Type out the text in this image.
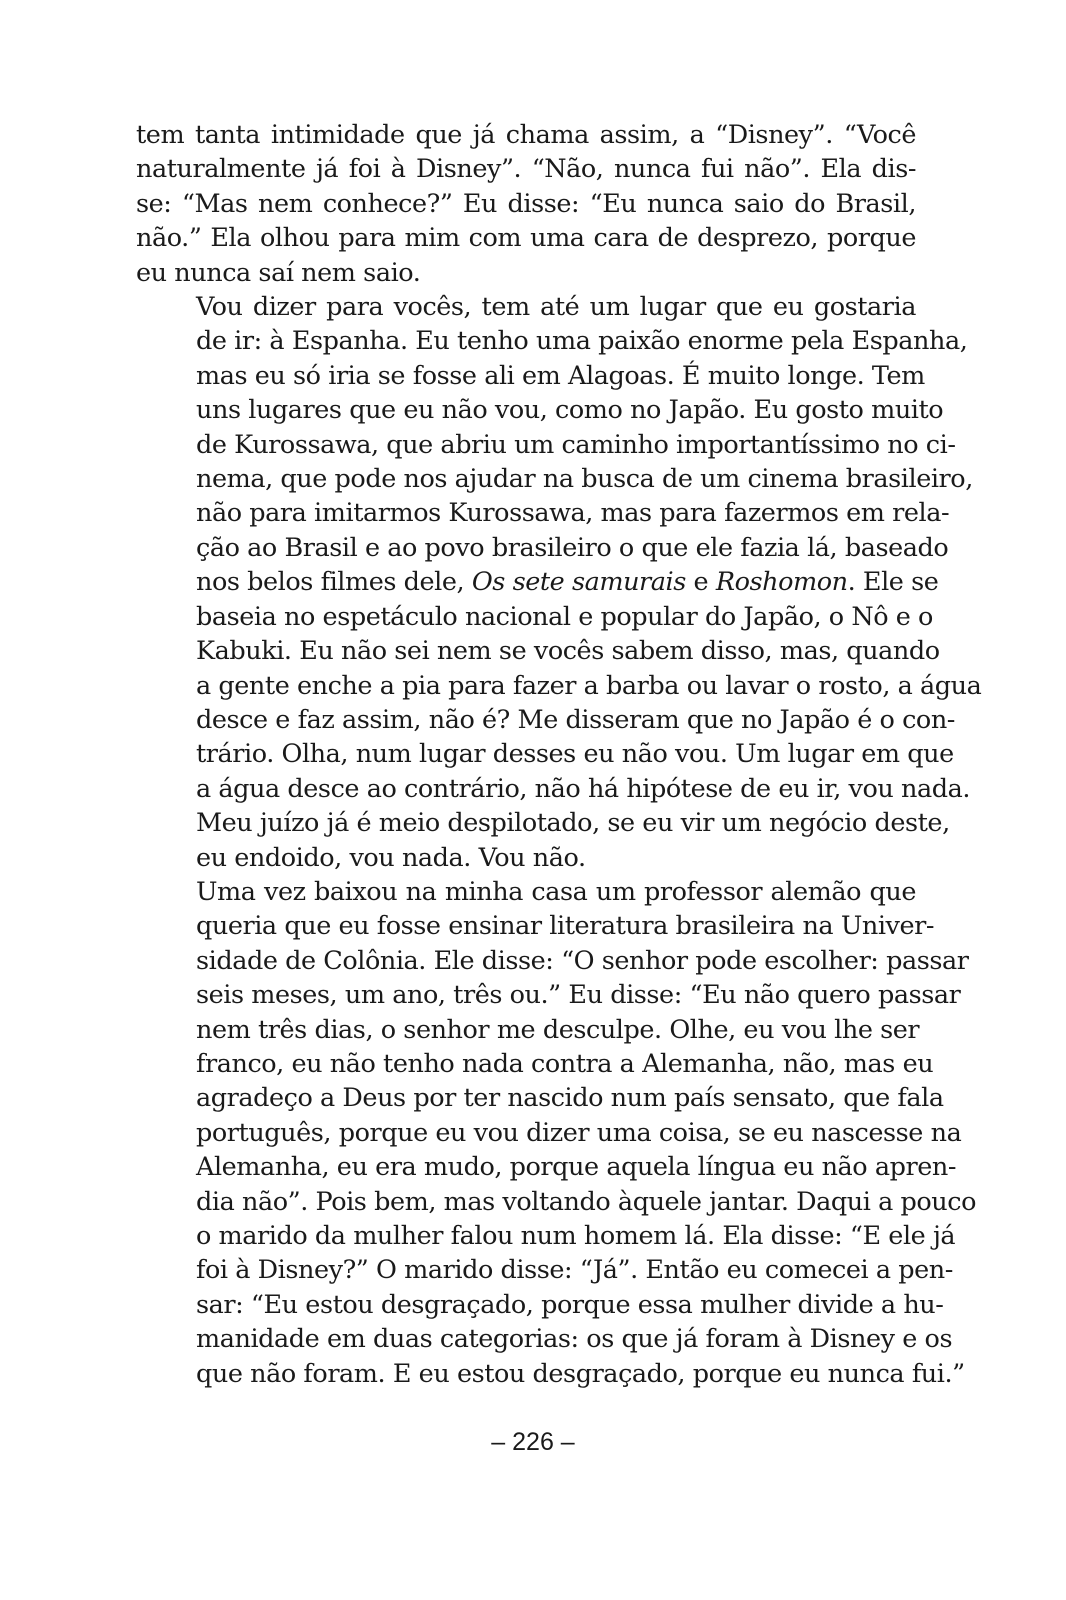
tem tanta intimidade que já chama assim, a “Disney”. “Você
naturalmente já foi à Disney”. “Não, nunca fui não”. Ela dis-
se: “Mas nem conhece?” Eu disse: “Eu nunca saio do Brasil,
não.” Ela olhou para mim com uma cara de desprezo, porque
eu nunca saí nem saio.

Vou dizer para vocês, tem até um lugar que eu gostaria
de ir: à Espanha. Eu tenho uma paixão enorme pela Espanha,
mas eu só iria se fosse ali em Alagoas. É muito longe. Tem
uns lugares que eu não vou, como no Japão. Eu gosto muito
de Kurossawa, que abriu um caminho importantíssimo no ci-
nema, que pode nos ajudar na busca de um cinema brasileiro,
não para imitarmos Kurossawa, mas para fazermos em rela-
ção ao Brasil e ao povo brasileiro o que ele fazia lá, baseado
nos belos filmes dele, Os sete samurais e Roshomon. Ele se
baseia no espetáculo nacional e popular do Japão, o Nô e o
Kabuki. Eu não sei nem se vocês sabem disso, mas, quando
a gente enche a pia para fazer a barba ou lavar o rosto, a água
desce e faz assim, não é? Me disseram que no Japão é o con-
trário. Olha, num lugar desses eu não vou. Um lugar em que
a água desce ao contrário, não há hipótese de eu ir, vou nada.
Meu juízo já é meio despilotado, se eu vir um negócio deste,
eu endoido, vou nada. Vou não.

Uma vez baixou na minha casa um professor alemão que
queria que eu fosse ensinar literatura brasileira na Univer-
sidade de Colônia. Ele disse: “O senhor pode escolher: passar
seis meses, um ano, três ou.” Eu disse: “Eu não quero passar
nem três dias, o senhor me desculpe. Olhe, eu vou lhe ser
franco, eu não tenho nada contra a Alemanha, não, mas eu
agradeço a Deus por ter nascido num país sensato, que fala
português, porque eu vou dizer uma coisa, se eu nascesse na
Alemanha, eu era mudo, porque aquela língua eu não apren-
dia não”. Pois bem, mas voltando àquele jantar. Daqui a pouco
o marido da mulher falou num homem lá. Ela disse: “E ele já
foi à Disney?” O marido disse: “Já”. Então eu comecei a pen-
sar: “Eu estou desgraçado, porque essa mulher divide a hu-
manidade em duas categorias: os que já foram à Disney e os
que não foram. E eu estou desgraçado, porque eu nunca fui.”

– 226 –
